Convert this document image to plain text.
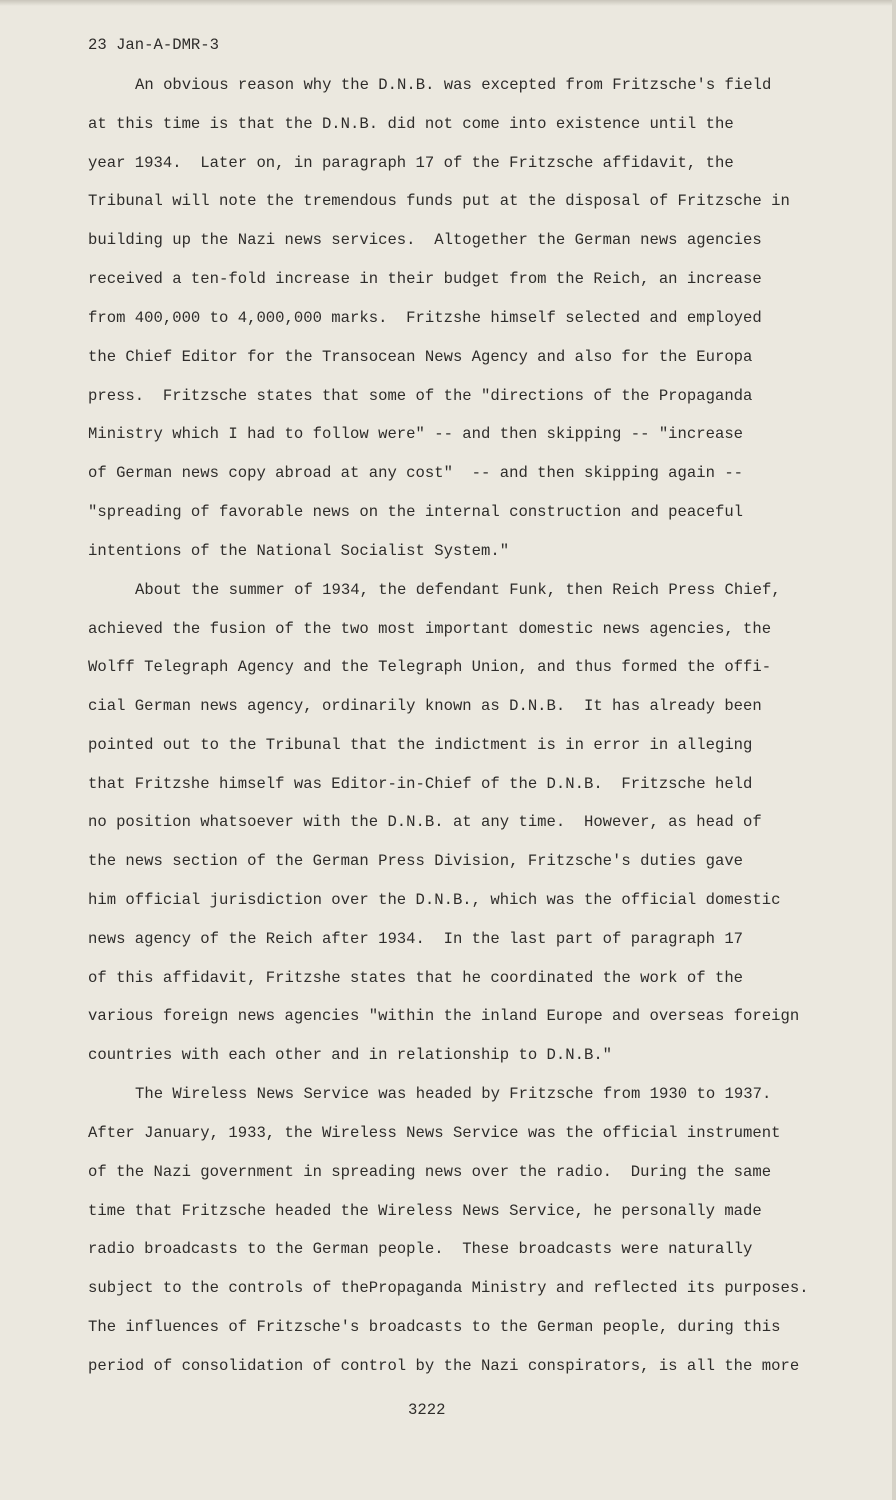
23 Jan-A-DMR-3
An obvious reason why the D.N.B. was excepted from Fritzsche's field
at this time is that the D.N.B. did not come into existence until the
year 1934.  Later on, in paragraph 17 of the Fritzsche affidavit, the
Tribunal will note the tremendous funds put at the disposal of Fritzsche in
building up the Nazi news services.  Altogether the German news agencies
received a ten-fold increase in their budget from the Reich, an increase
from 400,000 to 4,000,000 marks.  Fritzshe himself selected and employed
the Chief Editor for the Transocean News Agency and also for the Europa
press.  Fritzsche states that some of the "directions of the Propaganda
Ministry which I had to follow were" -- and then skipping -- "increase
of German news copy abroad at any cost"  -- and then skipping again --
"spreading of favorable news on the internal construction and peaceful
intentions of the National Socialist System."
About the summer of 1934, the defendant Funk, then Reich Press Chief,
achieved the fusion of the two most important domestic news agencies, the
Wolff Telegraph Agency and the Telegraph Union, and thus formed the offi-
cial German news agency, ordinarily known as D.N.B.  It has already been
pointed out to the Tribunal that the indictment is in error in alleging
that Fritzshe himself was Editor-in-Chief of the D.N.B.  Fritzsche held
no position whatsoever with the D.N.B. at any time.  However, as head of
the news section of the German Press Division, Fritzsche's duties gave
him official jurisdiction over the D.N.B., which was the official domestic
news agency of the Reich after 1934.  In the last part of paragraph 17
of this affidavit, Fritzshe states that he coordinated the work of the
various foreign news agencies "within the inland Europe and overseas foreign
countries with each other and in relationship to D.N.B."
The Wireless News Service was headed by Fritzsche from 1930 to 1937.
After January, 1933, the Wireless News Service was the official instrument
of the Nazi government in spreading news over the radio.  During the same
time that Fritzsche headed the Wireless News Service, he personally made
radio broadcasts to the German people.  These broadcasts were naturally
subject to the controls of thePropaganda Ministry and reflected its purposes.
The influences of Fritzsche's broadcasts to the German people, during this
period of consolidation of control by the Nazi conspirators, is all the more
3222
